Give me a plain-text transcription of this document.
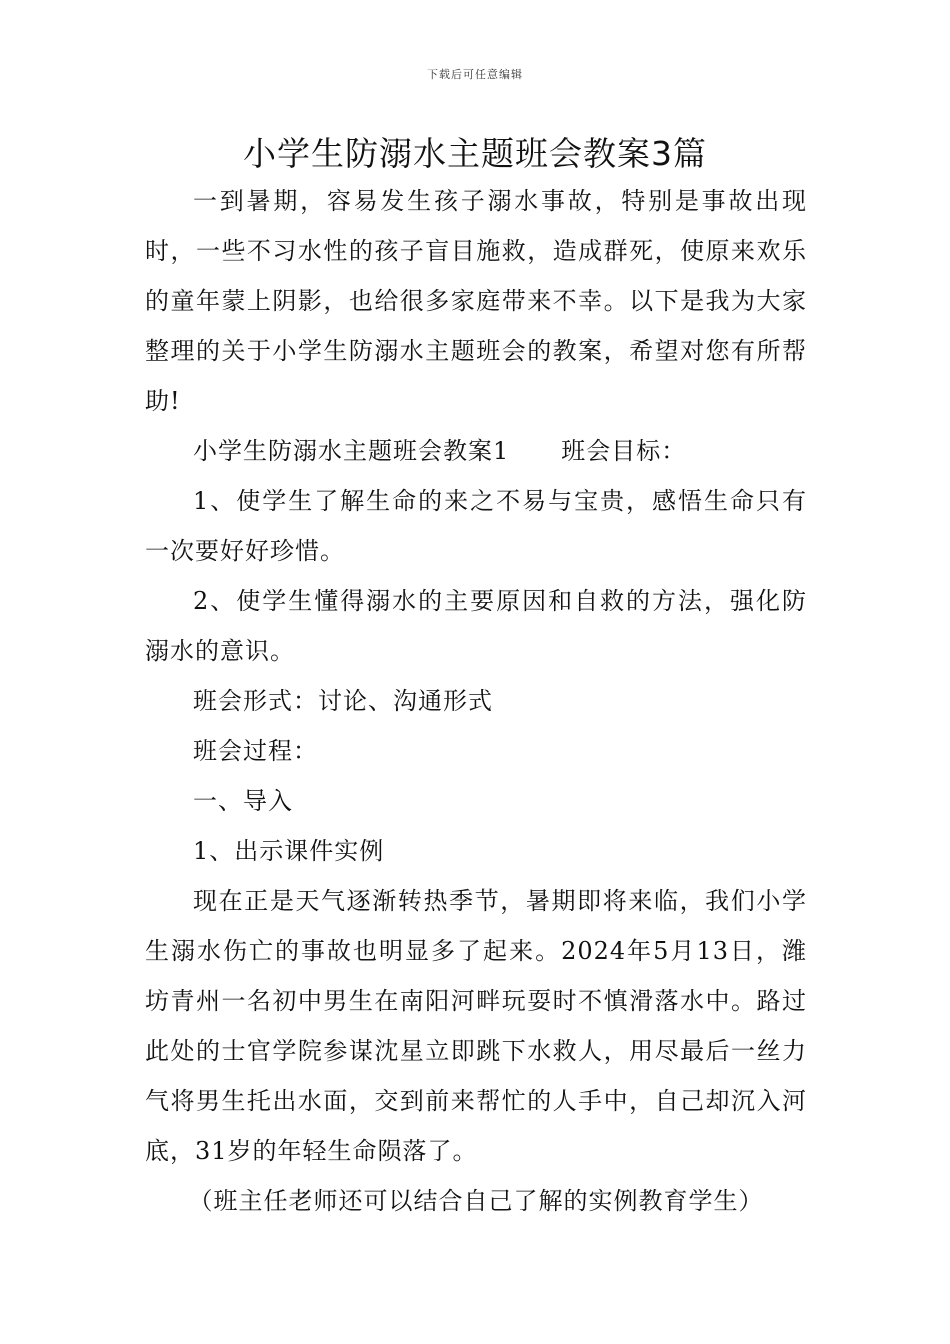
下载后可任意编辑
小学生防溺水主题班会教案3篇

一到暑期，容易发生孩子溺水事故，特别是事故出现时，一些不习水性的孩子盲目施救，造成群死，使原来欢乐的童年蒙上阴影，也给很多家庭带来不幸。以下是我为大家整理的关于小学生防溺水主题班会的教案，希望对您有所帮助!

小学生防溺水主题班会教案1 班会目标：

1、使学生了解生命的来之不易与宝贵，感悟生命只有一次要好好珍惜。

2、使学生懂得溺水的主要原因和自救的方法，强化防溺水的意识。

班会形式：讨论、沟通形式

班会过程：

一、导入

1、出示课件实例

现在正是天气逐渐转热季节，暑期即将来临，我们小学生溺水伤亡的事故也明显多了起来。2024年5月13日，潍坊青州一名初中男生在南阳河畔玩耍时不慎滑落水中。路过此处的士官学院参谋沈星立即跳下水救人，用尽最后一丝力气将男生托出水面，交到前来帮忙的人手中，自己却沉入河底，31岁的年轻生命陨落了。

（班主任老师还可以结合自己了解的实例教育学生）
